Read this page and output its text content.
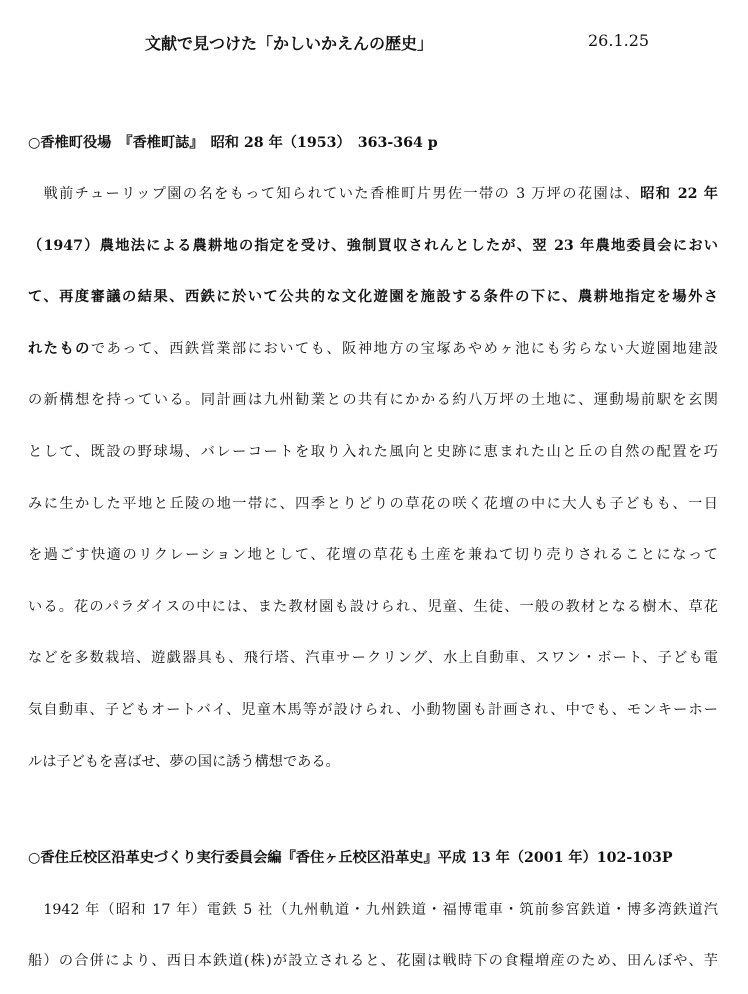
文献で見つけた「かしいかえんの歴史」	26.1.25
○香椎町役場　『香椎町誌』　昭和 28 年（1953）　363-364 p
　戦前チューリップ園の名をもって知られていた香椎町片男佐一帯の 3 万坪の花園は、昭和 22 年
（1947）農地法による農耕地の指定を受け、強制買収されんとしたが、翌 23 年農地委員会におい
て、再度審議の結果、西鉄に於いて公共的な文化遊園を施設する条件の下に、農耕地指定を場外さ
れたものであって、西鉄営業部においても、阪神地方の宝塚あやめヶ池にも劣らない大遊園地建設
の新構想を持っている。同計画は九州勧業との共有にかかる約八万坪の土地に、運動場前駅を玄関
として、既設の野球場、バレーコートを取り入れた風向と史跡に恵まれた山と丘の自然の配置を巧
みに生かした平地と丘陵の地一帯に、四季とりどりの草花の咲く花壇の中に大人も子どもも、一日
を過ごす快適のリクレーション地として、花壇の草花も土産を兼ねて切り売りされることになって
いる。花のパラダイスの中には、また教材園も設けられ、児童、生徒、一般の教材となる樹木、草花
などを多数栽培、遊戯器具も、飛行塔、汽車サークリング、水上自動車、スワン・ボート、子ども電
気自動車、子どもオートバイ、児童木馬等が設けられ、小動物園も計画され、中でも、モンキーホー
ルは子どもを喜ばせ、夢の国に誘う構想である。
○香住丘校区沿革史づくり実行委員会編『香住ヶ丘校区沿革史』平成 13 年（2001 年）102-103P
　1942 年（昭和 17 年）電鉄 5 社（九州軌道・九州鉄道・福博電車・筑前参宮鉄道・博多湾鉄道汽
船）の合併により、西日本鉄道(株)が設立されると、花園は戦時下の食糧増産のため、田んぼや、芋
